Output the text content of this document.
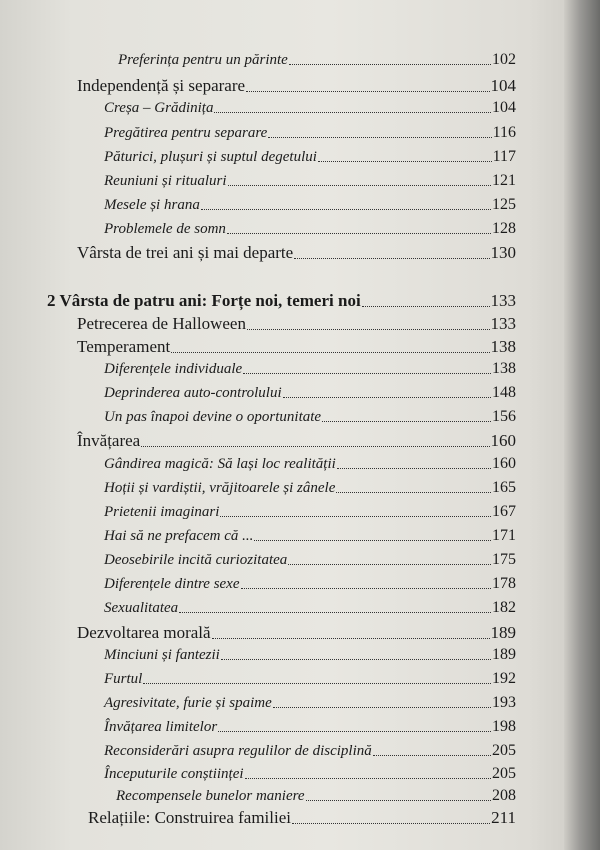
Preferința pentru un părinte	102
Independență și separare	104
Creșa – Grădinița	104
Pregătirea pentru separare	116
Păturici, plușuri și suptul degetului	117
Reuniuni și ritualuri	121
Mesele și hrana	125
Problemele de somn	128
Vârsta de trei ani și mai departe	130
2 Vârsta de patru ani: Forțe noi, temeri noi	133
Petrecerea de Halloween	133
Temperament	138
Diferențele individuale	138
Deprinderea auto-controlului	148
Un pas înapoi devine o oportunitate	156
Învățarea	160
Gândirea magică: Să lași loc realității	160
Hoții și vardiștii, vrăjitoarele și zânele	165
Prietenii imaginari	167
Hai să ne prefacem că ...	171
Deosebirile incită curiozitatea	175
Diferențele dintre sexe	178
Sexualitatea	182
Dezvoltarea morală	189
Minciuni și fantezii	189
Furtul	192
Agresivitate, furie și spaime	193
Învățarea limitelor	198
Reconsiderări asupra regulilor de disciplină	205
Începuturile conștiinței	205
Recompensele bunelor maniere	208
Relațiile: Construirea familiei	211
